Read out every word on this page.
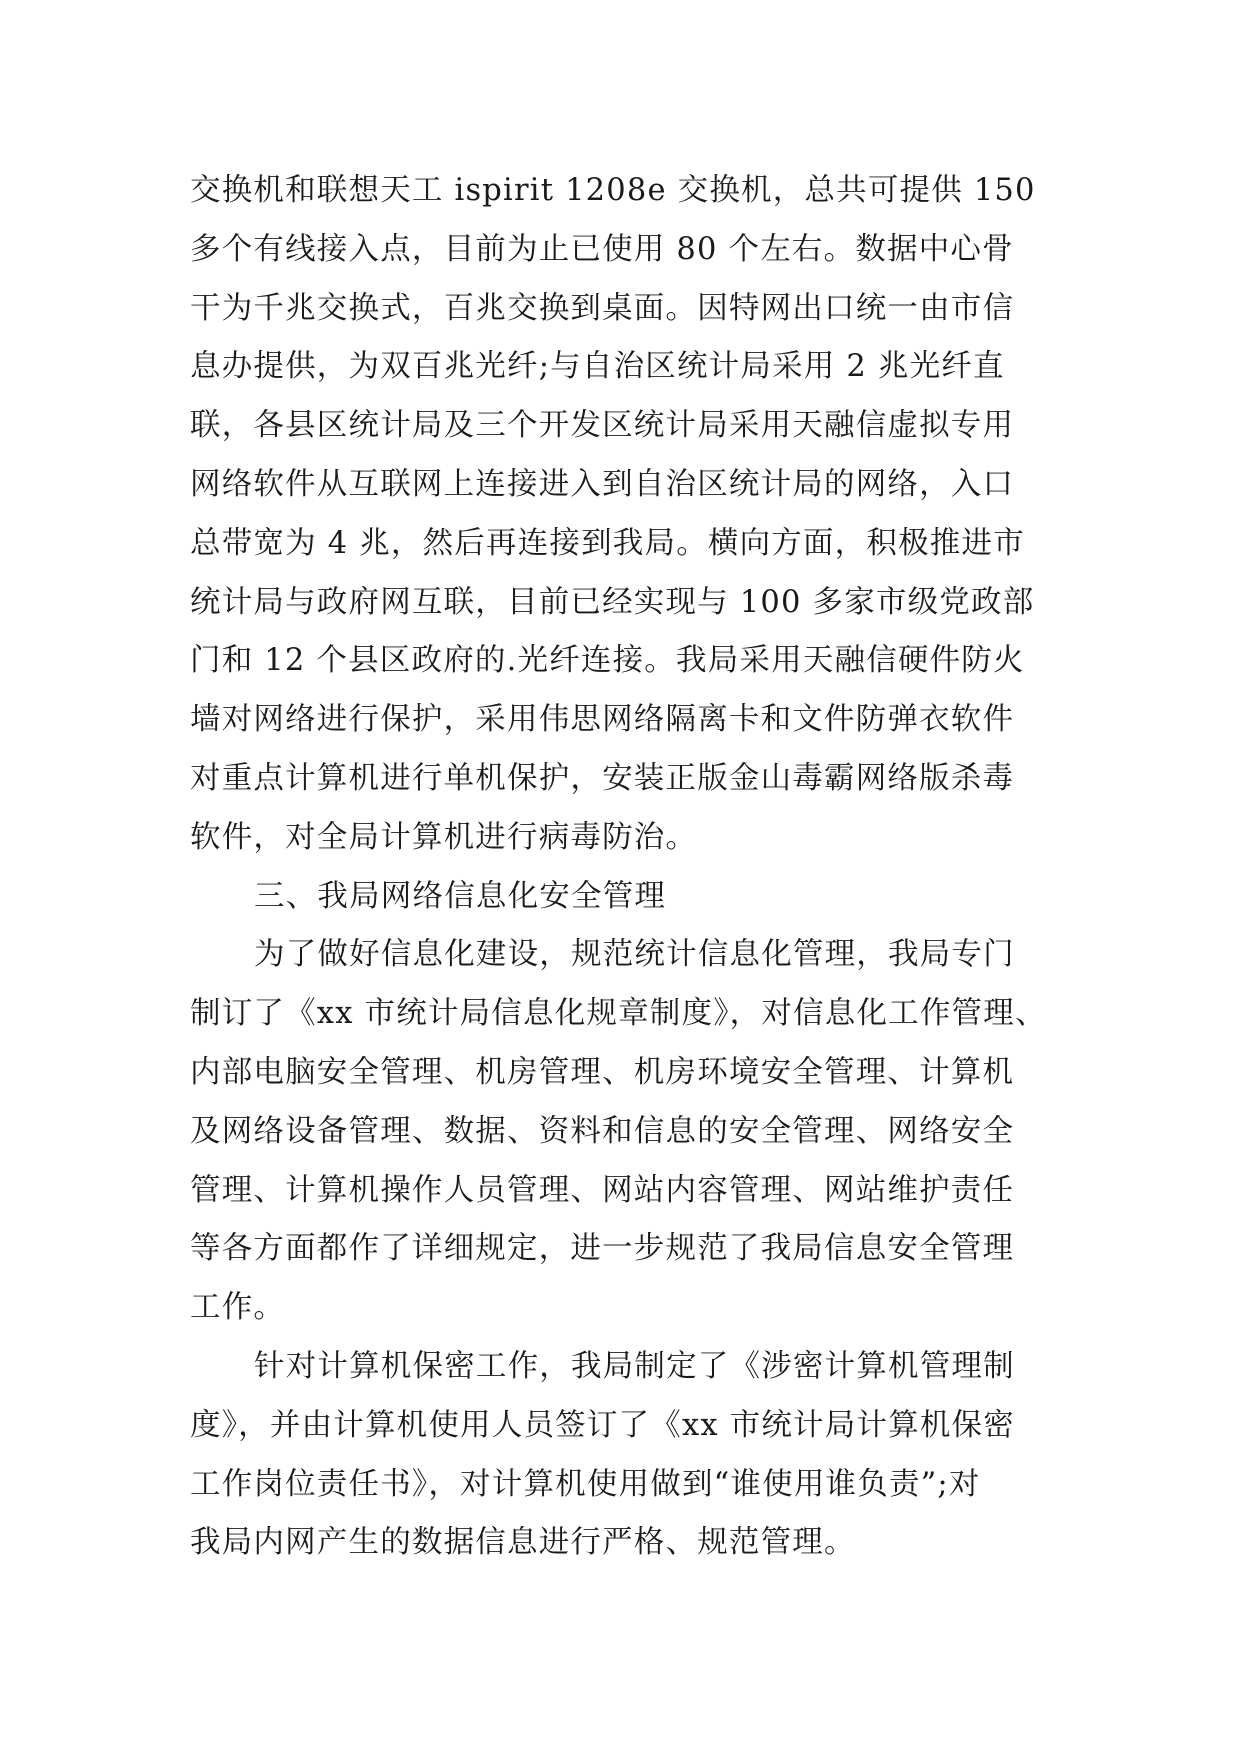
交换机和联想天工 ispirit 1208e 交换机，总共可提供 150
多个有线接入点，目前为止已使用 80 个左右。数据中心骨
干为千兆交换式，百兆交换到桌面。因特网出口统一由市信
息办提供，为双百兆光纤;与自治区统计局采用 2 兆光纤直
联，各县区统计局及三个开发区统计局采用天融信虚拟专用
网络软件从互联网上连接进入到自治区统计局的网络，入口
总带宽为 4 兆，然后再连接到我局。横向方面，积极推进市
统计局与政府网互联，目前已经实现与 100 多家市级党政部
门和 12 个县区政府的.光纤连接。我局采用天融信硬件防火
墙对网络进行保护，采用伟思网络隔离卡和文件防弹衣软件
对重点计算机进行单机保护，安装正版金山毒霸网络版杀毒
软件，对全局计算机进行病毒防治。
三、我局网络信息化安全管理
为了做好信息化建设，规范统计信息化管理，我局专门
制订了《xx 市统计局信息化规章制度》，对信息化工作管理、
内部电脑安全管理、机房管理、机房环境安全管理、计算机
及网络设备管理、数据、资料和信息的安全管理、网络安全
管理、计算机操作人员管理、网站内容管理、网站维护责任
等各方面都作了详细规定，进一步规范了我局信息安全管理
工作。
针对计算机保密工作，我局制定了《涉密计算机管理制
度》，并由计算机使用人员签订了《xx 市统计局计算机保密
工作岗位责任书》，对计算机使用做到“谁使用谁负责”;对
我局内网产生的数据信息进行严格、规范管理。
